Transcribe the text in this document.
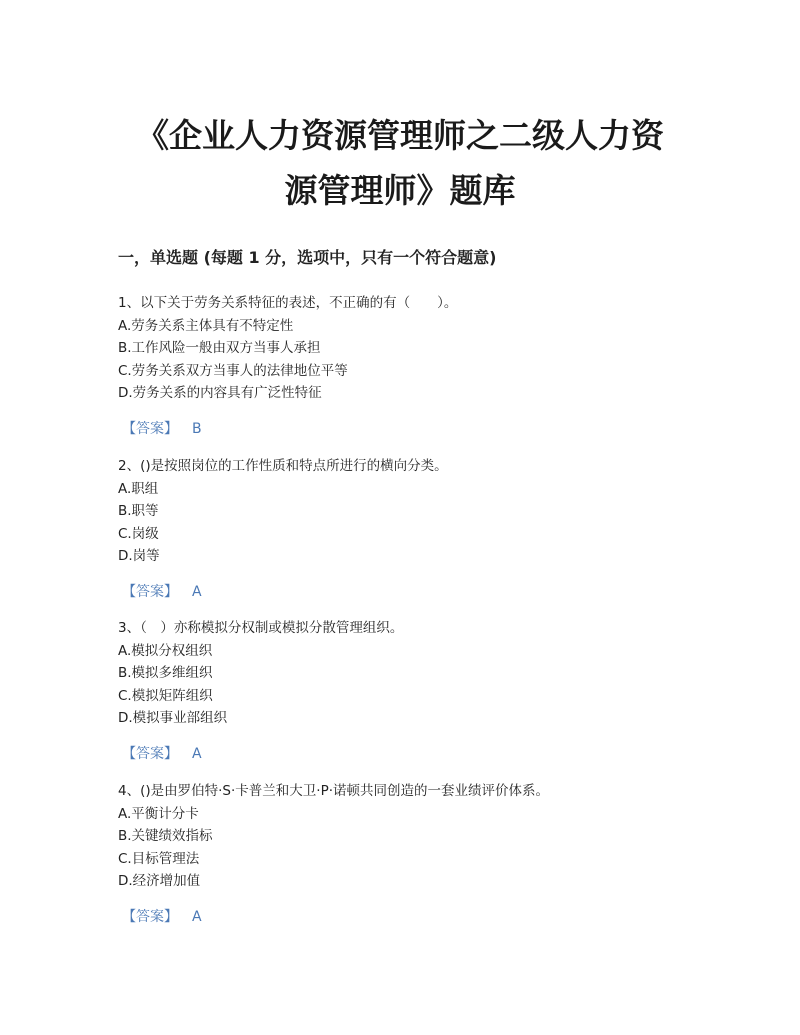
《企业人力资源管理师之二级人力资
源管理师》题库
一，单选题 (每题 1 分，选项中，只有一个符合题意)

1、以下关于劳务关系特征的表述，不正确的有（　　）。

A.劳务关系主体具有不特定性

B.工作风险一般由双方当事人承担

C.劳务关系双方当事人的法律地位平等

D.劳务关系的内容具有广泛性特征

【答案】 B

2、()是按照岗位的工作性质和特点所进行的横向分类。

A.职组

B.职等

C.岗级

D.岗等

【答案】 A

3、（　）亦称模拟分权制或模拟分散管理组织。

A.模拟分权组织

B.模拟多维组织

C.模拟矩阵组织

D.模拟事业部组织

【答案】 A

4、()是由罗伯特·S·卡普兰和大卫·P·诺顿共同创造的一套业绩评价体系。

A.平衡计分卡

B.关键绩效指标

C.目标管理法

D.经济增加值

【答案】 A
